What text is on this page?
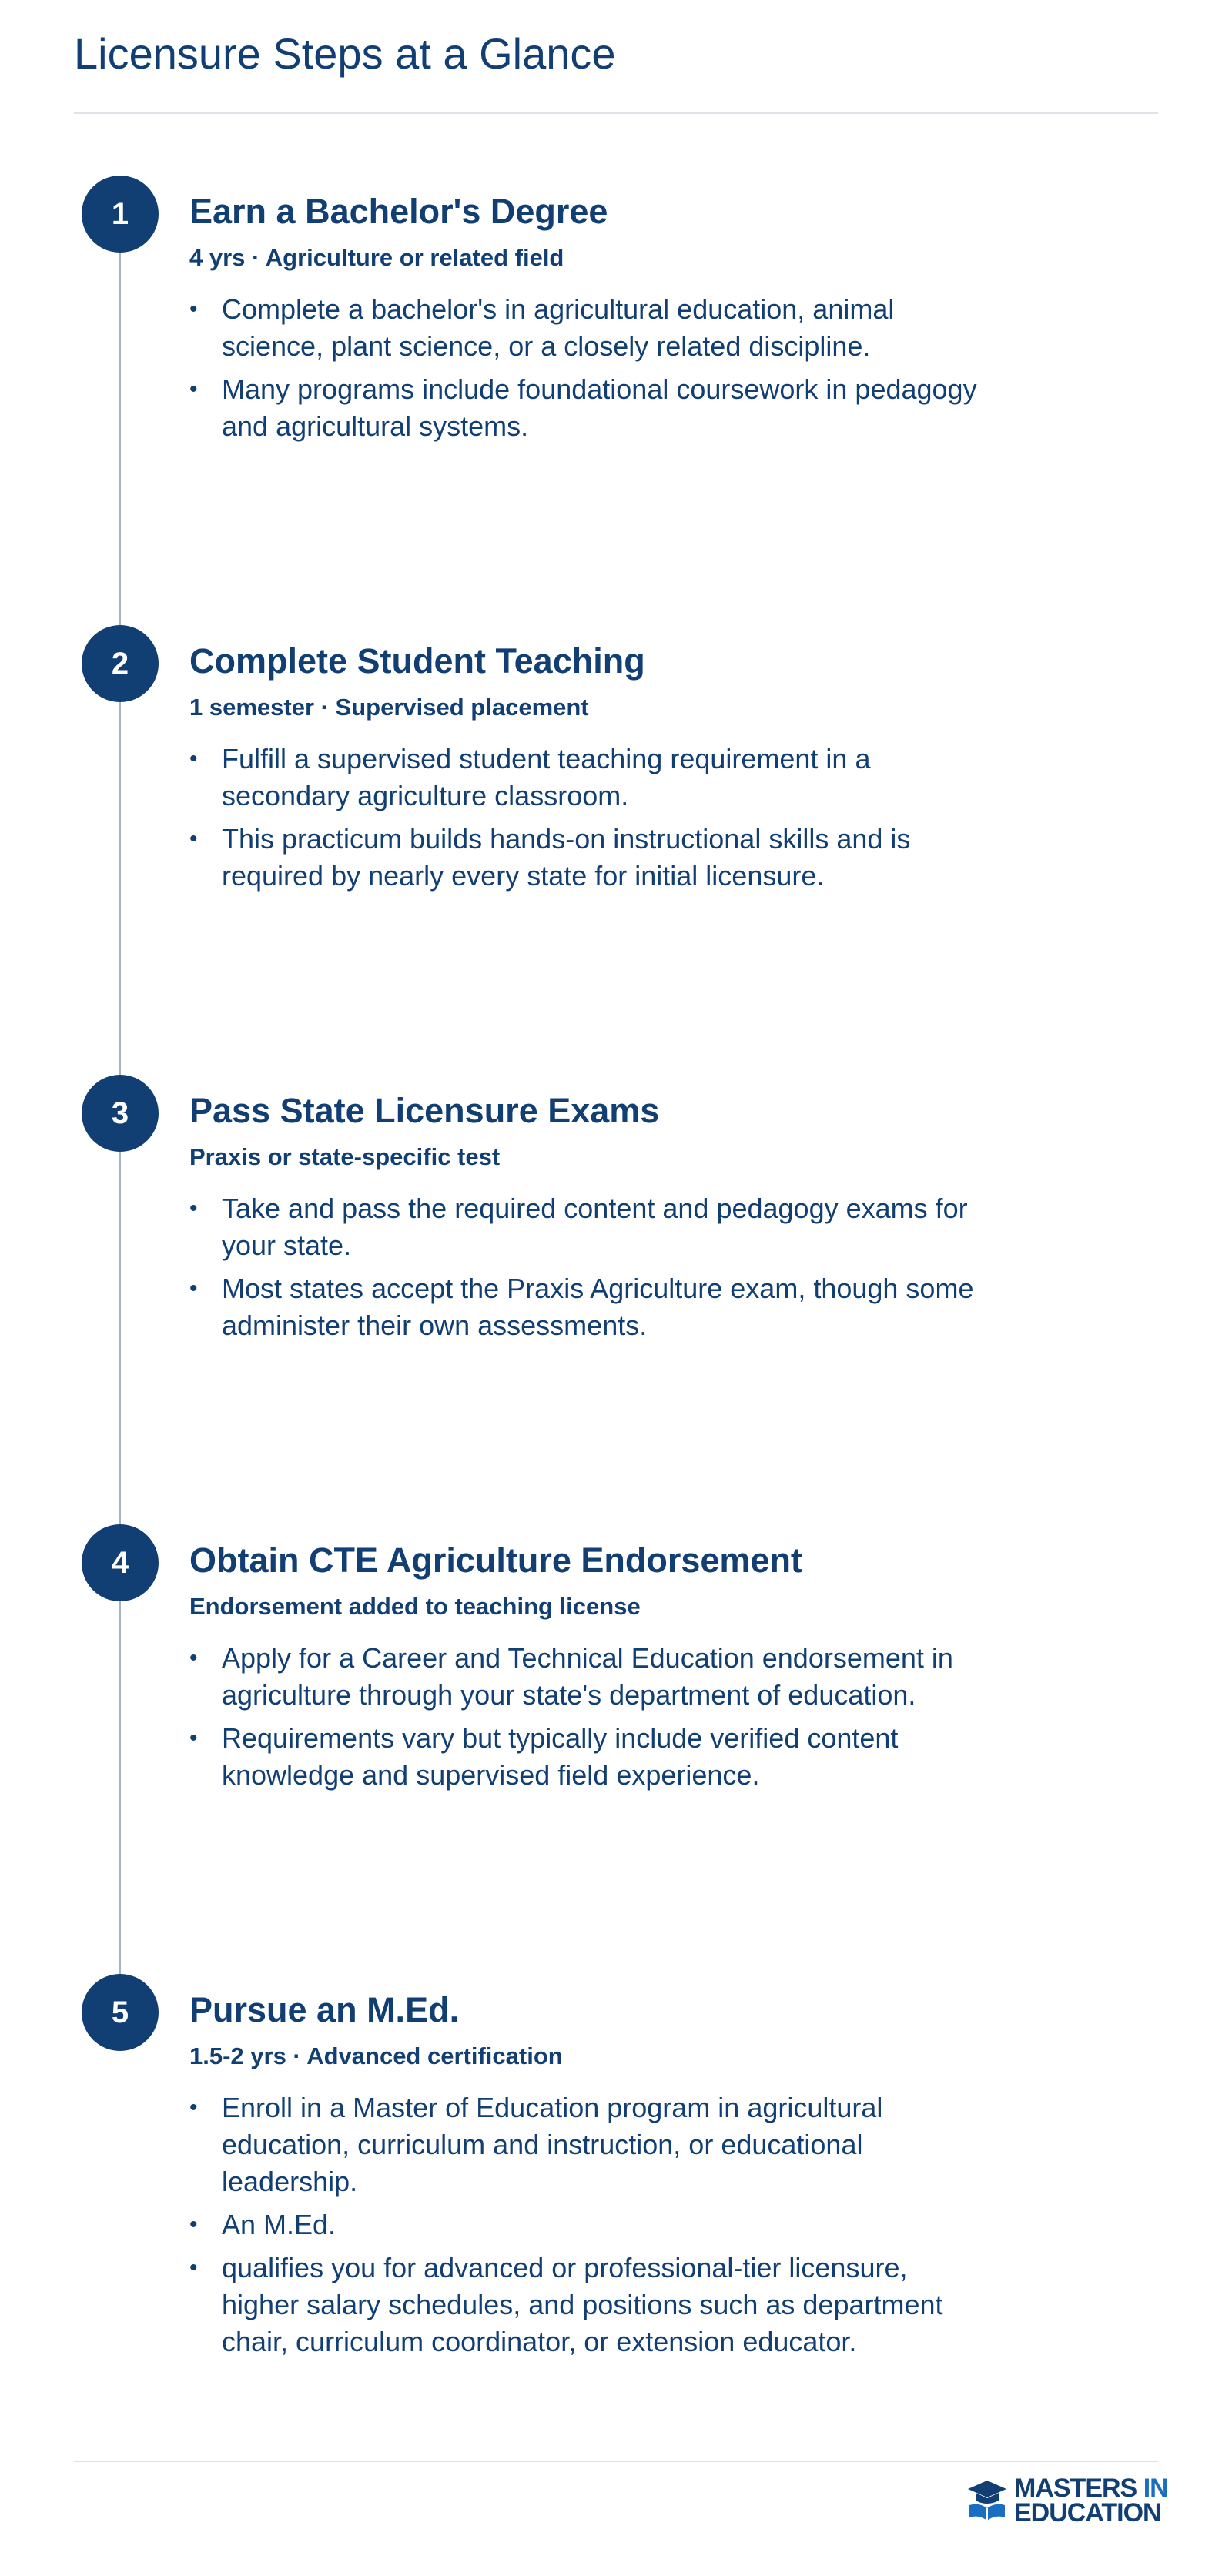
Licensure Steps at a Glance
1	Earn a Bachelor's Degree

4 yrs · Agriculture or related field

• Complete a bachelor's in agricultural education, animal science, plant science, or a closely related discipline.
• Many programs include foundational coursework in pedagogy and agricultural systems.
2	Complete Student Teaching

1 semester · Supervised placement

• Fulfill a supervised student teaching requirement in a secondary agriculture classroom.
• This practicum builds hands-on instructional skills and is required by nearly every state for initial licensure.
3	Pass State Licensure Exams

Praxis or state-specific test

• Take and pass the required content and pedagogy exams for your state.
• Most states accept the Praxis Agriculture exam, though some administer their own assessments.
4	Obtain CTE Agriculture Endorsement

Endorsement added to teaching license

• Apply for a Career and Technical Education endorsement in agriculture through your state's department of education.
• Requirements vary but typically include verified content knowledge and supervised field experience.
5	Pursue an M.Ed.

1.5-2 yrs · Advanced certification

• Enroll in a Master of Education program in agricultural education, curriculum and instruction, or educational leadership.
• An M.Ed.
• qualifies you for advanced or professional-tier licensure, higher salary schedules, and positions such as department chair, curriculum coordinator, or extension educator.
MASTERS IN
EDUCATION
